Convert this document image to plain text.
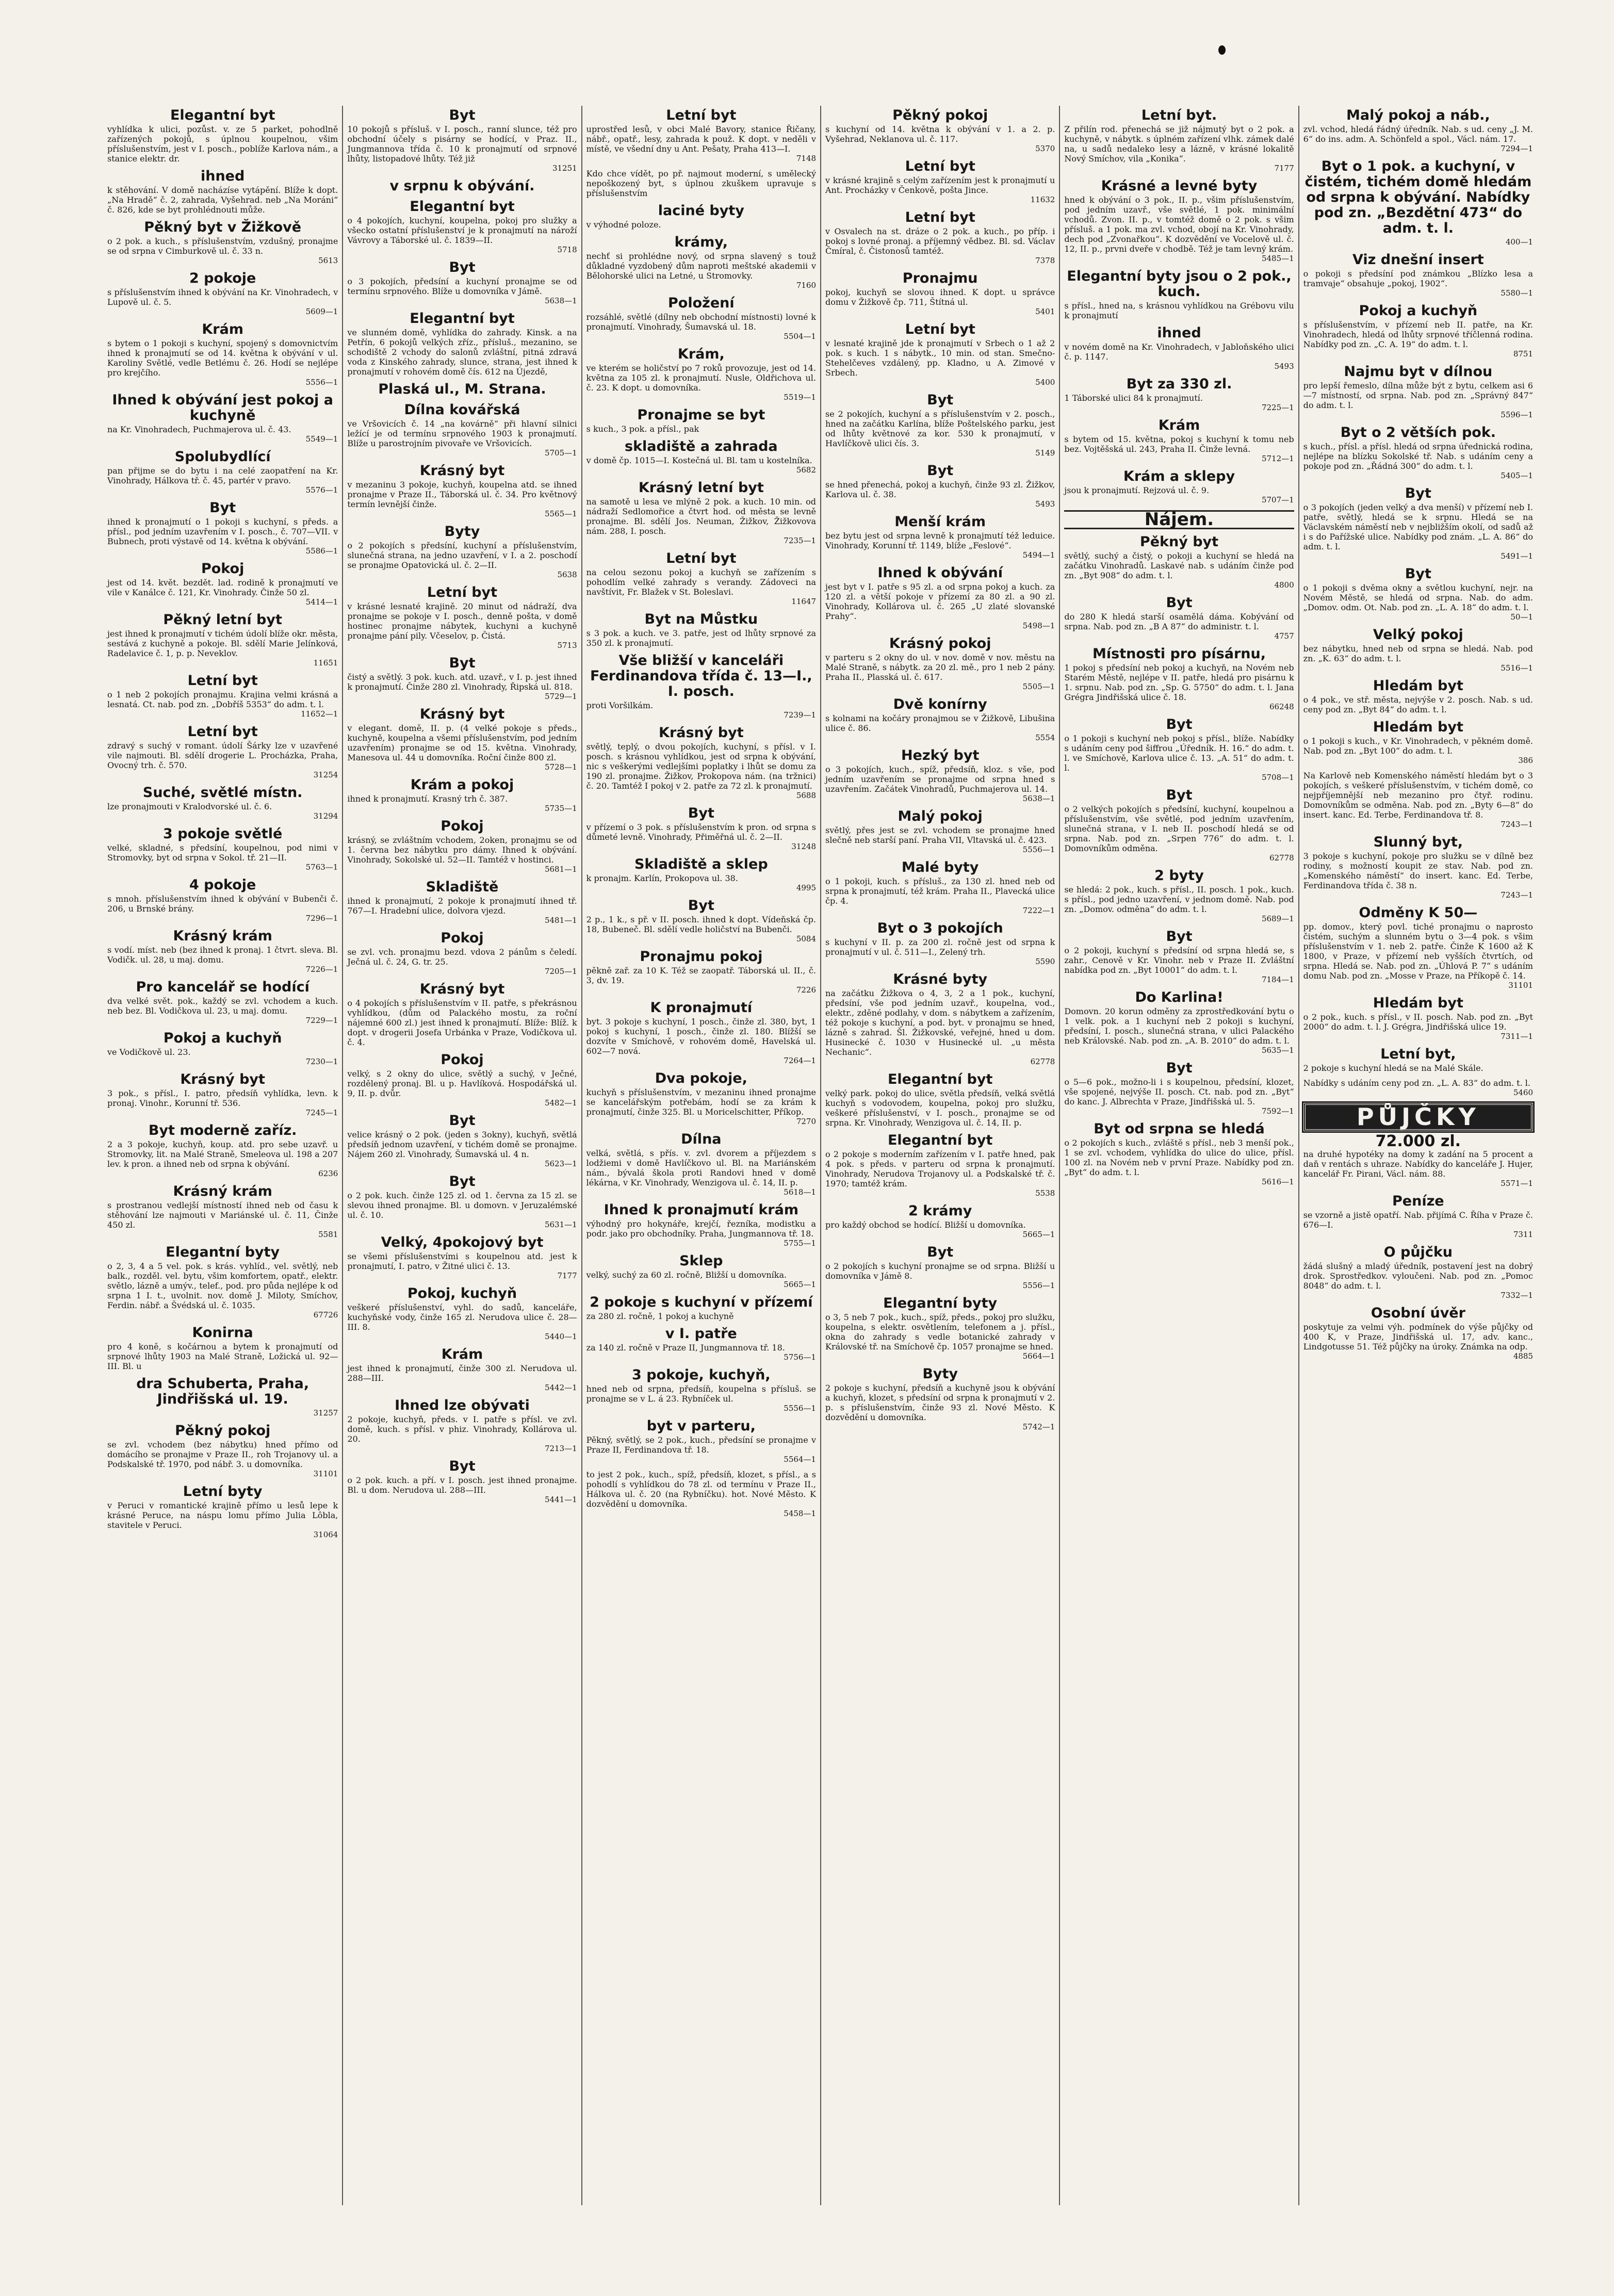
Elegantní byt

vyhlídka k ulici, pozůst. v. ze 5 parket, pohodlně zařízených pokojů, s úplnou koupelnou, všim příslušenstvím, jest v I. posch., poblíže Karlova nám., a stanice elektr. dr.

ihned

k stěhování. V domě nacházíse vytápění. Blíže k dopt. „Na Hradě“ č. 2, zahrada, Vyšehrad. neb „Na Moráni“ č. 826, kde se byt prohlédnouti může.

Pěkný byt v Žižkově

o 2 pok. a kuch., s příslušenstvím, vzdušný, pronajme se od srpna v Cimburkově ul. č. 33 n.

5613
2 pokoje

s příslušenstvím ihned k obývání na Kr. Vinohradech, v Lupově ul. č. 5.

5609—1
Krám

s bytem o 1 pokoji s kuchyní, spojený s domovnictvím ihned k pronajmutí se od 14. května k obývání v ul. Karoliny Světlé, vedle Betlému č. 26. Hodí se nejlépe pro krejčího.

5556—1
Ihned k obývání jest pokoj a kuchyně

na Kr. Vinohradech, Puchmajerova ul. č. 43.

5549—1
Spolubydlící

pan přijme se do bytu i na celé zaopatření na Kr. Vinohrady, Hálkova tř. č. 45, partér v pravo.

5576—1
Byt

ihned k pronajmutí o 1 pokoji s kuchyní, s předs. a přísl., pod jedním uzavřením v I. posch., č. 707—VII. v Bubnech, proti výstavě od 14. května k obývání.

5586—1
Pokoj

jest od 14. květ. bezdět. lad. rodině k pronajmutí ve vile v Kanálce č. 121, Kr. Vinohrady. Činže 50 zl.

5414—1
Pěkný letní byt

jest ihned k pronajmutí v tichém údolí blíže okr. města, sestává z kuchyně a pokoje. Bl. sdělí Marie Jelínková, Radelavice č. 1, p. p. Neveklov.

11651
Letní byt

o 1 neb 2 pokojích pronajmu. Krajina velmi krásná a lesnatá. Ct. nab. pod zn. „Dobříš 5353“ do adm. t. l.

11652—1
Letní byt

zdravý s suchý v romant. údolí Šárky lze v uzavřené vile najmouti. Bl. sdělí drogerie L. Procházka, Praha, Ovocný trh. č. 570.

31254
Suché, světlé místn.

lze pronajmouti v Kralodvorské ul. č. 6.

31294
3 pokoje světlé

velké, skladné, s předsíní, koupelnou, pod nimi v Stromovky, byt od srpna v Sokol. tř. 21—II.

5763—1
4 pokoje

s mnoh. příslušenstvím ihned k obývání v Bubenči č. 206, u Brnské brány.

7296—1
Krásný krám

s vodí. míst. neb (bez ihned k pronaj. 1 čtvrt. sleva. Bl. Vodičk. ul. 28, u maj. domu.

7226—1
Pro kancelář se hodící

dva velké svět. pok., každý se zvl. vchodem a kuch. neb bez. Bl. Vodičkova ul. 23, u maj. domu.

7229—1
Pokoj a kuchyň

ve Vodičkově ul. 23.

7230—1
Krásný byt

3 pok., s přísl., I. patro, předsíň vyhlídka, levn. k pronaj. Vinohr., Korunní tř. 536.

7245—1
Byt moderně zaříz.

2 a 3 pokoje, kuchyň, koup. atd. pro sebe uzavř. u Stromovky, lit. na Malé Straně, Smeleova ul. 198 a 207 lev. k pron. a ihned neb od srpna k obývání.

6236
Krásný krám

s prostranou vedlejší místností ihned neb od času k stěhování lze najmouti v Mariánské ul. č. 11, Činže 450 zl.

5581
Elegantní byty

o 2, 3, 4 a 5 vel. pok. s krás. vyhlíd., vel. světlý, neb balk., rozděl. vel. bytu, všim komfortem, opatř., elektr. světlo, lázně a umýv., telef., pod. pro půda nejlépe k od srpna 1 I. t., uvolnit. nov. domě J. Miloty, Smíchov, Ferdin. nábř. a Švédská ul. č. 1035.

67726
Konirna

pro 4 koně, s kočárnou a bytem k pronajmutí od srpnové lhůty 1903 na Malé Straně, Ložická ul. 92—III. Bl. u

dra Schuberta, Praha, Jindřišská ul. 19.
31257
Pěkný pokoj

se zvl. vchodem (bez nábytku) hned přímo od domácího se pronajme v Praze II., roh Trojanovy ul. a Podskalské tř. 1970, pod nábř. 3. u domovníka.

31101
Letní byty

v Peruci v romantické krajině přímo u lesů lepe k krásné Peruce, na náspu lomu přímo Julia Lôbla, stavitele v Peruci.

31064
Byt

10 pokojů s přísluš. v I. posch., ranní slunce, též pro obchodní účely s pisárny se hodící, v Praz. II., Jungmannova třída č. 10 k pronajmutí od srpnové lhůty, listopadové lhůty. Též již

31251
v srpnu k obývání.
Elegantní byt

o 4 pokojích, kuchyní, koupelna, pokoj pro služky a všecko ostatní příslušenství je k pronajmutí na nároží Vávrovy a Táborské ul. č. 1839—II.

5718
Byt

o 3 pokojích, předsíní a kuchyní pronajme se od termínu srpnového. Blíže u domovníka v Jámě.

5638—1
Elegantní byt

ve slunném domě, vyhlídka do zahrady. Kinsk. a na Petřín, 6 pokojů velkých zříz., přísluš., mezanino, se schodiště 2 vchody do salonů zvláštní, pitná zdravá voda z Kinského zahrady, slunce, strana, jest ihned k pronajmutí v rohovém domě čís. 612 na Újezdě,

Plaská ul., M. Strana.
Dílna kovářská

ve Vršovicích č. 14 „na kovárně“ při hlavní silnici ležící je od termínu srpnového 1903 k pronajmutí. Blíže u parostrojním pivovaře ve Vršovicích.

5705—1
Krásný byt

v mezaninu 3 pokoje, kuchyň, koupelna atd. se ihned pronajme v Praze II., Táborská ul. č. 34. Pro květnový termín levnější činže.

5565—1
Byty

o 2 pokojích s předsíní, kuchyní a příslušenstvím, slunečná strana, na jedno uzavření, v I. a 2. poschodí se pronajme Opatovická ul. č. 2—II.

5638
Letní byt

v krásné lesnaté krajině. 20 minut od nádraží, dva pronajme se pokoje v I. posch., denně pošta, v domě hostinec pronajme nábytek, kuchyni a kuchyně pronajme pání pily. Včeselov, p. Čistá.

5713
Byt

čistý a světlý. 3 pok. kuch. atd. uzavř., v I. p. jest ihned k pronajmutí. Činže 280 zl. Vinohrady, Řipská ul. 818.

5729—1
Krásný byt

v elegant. domě, II. p. (4 velké pokoje s předs., kuchyně, koupelna a všemi příslušenstvím, pod jedním uzavřením) pronajme se od 15. května. Vinohrady, Manesova ul. 44 u domovníka. Roční činže 800 zl.

5728—1
Krám a pokoj

ihned k pronajmutí. Krasný trh č. 387.

5735—1
Pokoj

krásný, se zvláštním vchodem, 2oken, pronajmu se od 1. června bez nábytku pro dámy. Ihned k obývání. Vinohrady, Sokolské ul. 52—II. Tamtéž v hostinci.

5681—1
Skladiště

ihned k pronajmutí, 2 pokoje k pronajmutí ihned tř. 767—I. Hradební ulice, dolvora vjezd.

5481—1
Pokoj

se zvl. vch. pronajmu bezd. vdova 2 pánům s čeledí. Ječná ul. č. 24, G. tr. 25.

7205—1
Krásný byt

o 4 pokojích s příslušenstvím v II. patře, s překrásnou vyhlídkou, (dům od Palackého mostu, za roční nájemné 600 zl.) jest ihned k pronajmutí. Blíže: Blíž. k dopt. v drogerii Josefa Urbánka v Praze, Vodičkova ul. č. 4.

Pokoj

velký, s 2 okny do ulice, světlý a suchý, v Ječné, rozdělený pronaj. Bl. u p. Havlíková. Hospodářská ul. 9, II. p. dvůr.

5482—1
Byt

velice krásný o 2 pok. (jeden s 3okny), kuchyň, světlá předsíň jednom uzavření, v tichém domě se pronajme. Nájem 260 zl. Vinohrady, Šumavská ul. 4 n.

5623—1
Byt

o 2 pok. kuch. činže 125 zl. od 1. června za 15 zl. se slevou ihned pronajme. Bl. u domovn. v Jeruzalémské ul. č. 10.

5631—1
Velký, 4pokojový byt

se všemi příslušenstvími s koupelnou atd. jest k pronajmutí, I. patro, v Žitné ulici č. 13.

7177
Pokoj, kuchyň

veškeré příslušenství, vyhl. do sadů, kanceláře, kuchyňské vody, činže 165 zl. Nerudova ulice č. 28—III. 8.

5440—1
Krám

jest ihned k pronajmutí, činže 300 zl. Nerudova ul. 288—III.

5442—1
Ihned lze obývati

2 pokoje, kuchyň, předs. v I. patře s přísl. ve zvl. domě, kuch. s přísl. v phiz. Vinohrady, Kollárova ul. 20.

7213—1
Byt

o 2 pok. kuch. a pří. v I. posch. jest ihned pronajme. Bl. u dom. Nerudova ul. 288—III.

5441—1
Letní byt

uprostřed lesů, v obci Malé Bavory, stanice Řičany, nábř., opatř., lesy, zahrada k použ. K dopt. v neděli v místě, ve všední dny u Ant. Pešaty, Praha 413—I.

7148

Kdo chce vídět, po př. najmout moderní, s umělecký nepoškozený byt, s úplnou zkuškem upravuje s příslušenstvím

laciné byty

v výhodné poloze.

krámy,

nechť si prohlédne nový, od srpna slavený s touž důkladné vyzdobený dům naproti meštské akademii v Bělohorské ulici na Letné, u Stromovky.

7160
Položení

rozsáhlé, světlé (dílny neb obchodní místnosti) lovné k pronajmutí. Vinohrady, Šumavská ul. 18.

5504—1
Krám,

ve kterém se holičství po 7 roků provozuje, jest od 14. května za 105 zl. k pronajmutí. Nusle, Oldřichova ul. č. 23. K dopt. u domovníka.

5519—1
Pronajme se byt

s kuch., 3 pok. a přísl., pak

skladiště a zahrada

v domě čp. 1015—I. Kostečná ul. Bl. tam u kostelníka.

5682
Krásný letní byt

na samotě u lesa ve mlýně 2 pok. a kuch. 10 min. od nádraží Sedlomořice a čtvrt hod. od města se levně pronajme. Bl. sdělí Jos. Neuman, Žižkov, Žižkovova nám. 288, I. posch.

7235—1
Letní byt

na celou sezonu pokoj a kuchyň se zařízením s pohodlím velké zahrady s verandy. Zádoveci na navštívit, Fr. Blažek v St. Boleslavi.

11647
Byt na Můstku

s 3 pok. a kuch. ve 3. patře, jest od lhůty srpnové za 350 zl. k pronajmutí.

Vše bližší v kanceláři Ferdinandova třída č. 13—I., I. posch.

proti Voršilkám.

7239—1
Krásný byt

světlý, teplý, o dvou pokojích, kuchyní, s přísl. v I. posch. s krásnou vyhlídkou, jest od srpna k obývání, nic s veškerými vedlejšími poplatky i lhůt se domu za 190 zl. pronajme. Žižkov, Prokopova nám. (na tržnici) č. 20. Tamtéž I pokoj v 2. patře za 72 zl. k pronajmutí.

5688
Byt

v přízemí o 3 pok. s příslušenstvím k pron. od srpna s důmeté levně. Vinohrady, Přiměřná ul. č. 2—II.

31248
Skladiště a sklep

k pronajm. Karlín, Prokopova ul. 38.

4995
Byt

2 p., 1 k., s př. v II. posch. ihned k dopt. Vídeňská čp. 18, Bubeneč. Bl. sdělí vedle holičství na Bubenči.

5084
Pronajmu pokoj

pěkně zař. za 10 K. Též se zaopatř. Táborská ul. II., č. 3, dv. 19.

7226
K pronajmutí

byt. 3 pokoje s kuchyní, 1 posch., činže zl. 380, byt, 1 pokoj s kuchyní, 1 posch., činže zl. 180. Blížší se dozvíte v Smíchově, v rohovém domě, Havelská ul. 602—7 nová.

7264—1
Dva pokoje,

kuchyň s příslušenstvím, v mezaninu ihned pronajme se kancelářským potřebám, hodí se za krám k pronajmutí, činže 325. Bl. u Moricelschitter, Příkop.

7270
Dílna

velká, světlá, s přís. v. zvl. dvorem a příjezdem s lodžiemi v domě Havlíčkovo ul. Bl. na Mariánském nám., bývalá škola proti Randovi hned v domě lékárna, v Kr. Vinohrady, Wenzigova ul. č. 14, II. p.

5618—1
Ihned k pronajmutí krám

výhodný pro hokynáře, krejčí, řezníka, modistku a podr. jako pro obchodníky. Praha, Jungmannova tř. 18.

5755—1
Sklep

velký, suchý za 60 zl. ročně, Bližší u domovníka.

5665—1
2 pokoje s kuchyní v přízemí

za 280 zl. ročně, 1 pokoj a kuchyně

v I. patře

za 140 zl. ročně v Praze II, Jungmannova tř. 18.

5756—1
3 pokoje, kuchyň,

hned neb od srpna, předsíň, koupelna s přísluš. se pronajme se v L. á 23. Rybníček ul.

5556—1
byt v parteru,

Pěkný, světlý, se 2 pok., kuch., předsíní se pronajme v Praze II, Ferdinandova tř. 18.

5564—1

to jest 2 pok., kuch., spíž, předsíň, klozet, s přísl., a s pohodlí s vyhlídkou do 78 zl. od termínu v Praze II., Hálkova ul. č. 20 (na Rybníčku). hot. Nové Město. K dozvědění u domovníka.

5458—1
Pěkný pokoj

s kuchyní od 14. května k obývání v 1. a 2. p. Vyšehrad, Neklanova ul. č. 117.

5370
Letní byt

v krásné krajině s celým zařízením jest k pronajmutí u Ant. Procházky v Čenkově, pošta Jince.

11632
Letní byt

v Osvalech na st. dráze o 2 pok. a kuch., po příp. i pokoj s lovné pronaj. a příjemný vědbez. Bl. sd. Václav Čmíral, č. Čistonosů tamtéž.

7378
Pronajmu

pokoj, kuchyň se slovou ihned. K dopt. u správce domu v Žižkově čp. 711, Štítná ul.

5401
Letní byt

v lesnaté krajině jde k pronajmutí v Srbech o 1 až 2 pok. s kuch. 1 s nábytk., 10 min. od stan. Smečno-Stehelčeves vzdálený, pp. Kladno, u A. Zimové v Srbech.

5400
Byt

se 2 pokojích, kuchyní a s příslušenstvím v 2. posch., hned na začátku Karlína, blíže Poštelského parku, jest od lhůty květnové za kor. 530 k pronajmutí, v Havlíčkově ulici čís. 3.

5149
Byt

se hned přenechá, pokoj a kuchyň, činže 93 zl. Žižkov, Karlova ul. č. 38.

5493
Menší krám

bez bytu jest od srpna levně k pronajmutí též leduice. Vinohrady, Korunní tř. 1149, blíže „Feslové“.

5494—1
Ihned k obývání

jest byt v I. patře s 95 zl. a od srpna pokoj a kuch. za 120 zl. a větší pokoje v přízemí za 80 zl. a 90 zl. Vinohrady, Kollárova ul. č. 265 „U zlaté slovanské Prahy“.

5498—1
Krásný pokoj

v parteru s 2 okny do ul. v nov. domě v nov. městu na Malé Straně, s nábytk. za 20 zl. mě., pro 1 neb 2 pány. Praha II., Plasská ul. č. 617.

5505—1
Dvě konírny

s kolnami na kočáry pronajmou se v Žižkově, Libušina ulice č. 86.

5554
Hezký byt

o 3 pokojích, kuch., spíž, předsíň, kloz. s vše, pod jedním uzavřením se pronajme od srpna hned s uzavřením. Začátek Vinohradů, Puchmajerova ul. 14.

5638—1
Malý pokoj

světlý, přes jest se zvl. vchodem se pronajme hned slečně neb starší paní. Praha VII, Vltavská ul. č. 423.

5556—1
Malé byty

o 1 pokoji, kuch. s přísluš., za 130 zl. hned neb od srpna k pronajmutí, též krám. Praha II., Plavecká ulice čp. 4.

7222—1
Byt o 3 pokojích

s kuchyní v II. p. za 200 zl. ročně jest od srpna k pronajmutí v ul. č. 511—I., Zelený trh.

5590
Krásné byty

na začátku Žižkova o 4, 3, 2 a 1 pok., kuchyní, předsíní, vše pod jedním uzavř., koupelna, vod., elektr., zděné podlahy, v dom. s nábytkem a zařízením, též pokoje s kuchyní, a pod. byt. v pronajmu se hned, lázně s zahrad. Šl. Žižkovské, veřejné, hned u dom. Husinecké č. 1030 v Husinecké ul. „u města Nechanic“.

62778
Elegantní byt

velký park. pokoj do ulice, světla předsíň, velká světlá kuchyň s vodovodem, koupelna, pokoj pro služku, veškeré příslušenství, v I. posch., pronajme se od srpna. Kr. Vinohrady, Wenzigova ul. č. 14, II. p.

Elegantní byt

o 2 pokoje s moderním zařízením v I. patře hned, pak 4 pok. s předs. v parteru od srpna k pronajmutí. Vinohrady, Nerudova Trojanovy ul. a Podskalské tř. č. 1970; tamtéž krám.

5538
2 krámy

pro každý obchod se hodící. Bližší u domovníka.

5665—1
Byt

o 2 pokojích s kuchyní pronajme se od srpna. Bližší u domovníka v Jámě 8.

5556—1
Elegantní byty

o 3, 5 neb 7 pok., kuch., spíž, předs., pokoj pro služku, koupelna, s elektr. osvětlením, telefonem a j. přísl., okna do zahrady s vedle botanické zahrady v Královské tř. na Smíchově čp. 1057 pronajme se hned.

5664—1
Byty

2 pokoje s kuchyní, předsíň a kuchyně jsou k obývání a kuchyň, klozet, s předsíní od srpna k pronajmutí v 2. p. s příslušenstvím, činže 93 zl. Nové Město. K dozvědění u domovníka.

5742—1
Letní byt.

Z přilín rod. přenechá se již nájmutý byt o 2 pok. a kuchyně, v nábytk. s úplném zařízení vlhk. zámek dalé na, u sadů nedaleko lesy a lázně, v krásné lokalitě Nový Smíchov, vila „Konika“.

7177
Krásné a levné byty

hned k obývání o 3 pok., II. p., všim příslušenstvím, pod jedním uzavř., vše světlé, 1 pok. minimální vchodů. Zvon. II. p., v tomtéž domě o 2 pok. s všim přísluš. a 1 pok. ma zvl. vchod, obojí na Kr. Vinohrady, dech pod „Zvonařkou“. K dozvědění ve Vocelově ul. č. 12, II. p., prvni dveře v chodbě. Též je tam levný krám.

5485—1
Elegantní byty jsou o 2 pok., kuch.

s přísl., hned na, s krásnou vyhlídkou na Grébovu vilu k pronajmutí

ihned

v novém domě na Kr. Vinohradech, v Jabloňského ulici č. p. 1147.

5493
Byt za 330 zl.

1 Táborské ulici 84 k pronajmutí.

7225—1
Krám

s bytem od 15. května, pokoj s kuchyní k tomu neb bez. Vojtěšská ul. 243, Praha II. Činže levná.

5712—1
Krám a sklepy

jsou k pronajmutí. Rejzová ul. č. 9.

5707—1
Nájem.
Pěkný byt

světlý, suchý a čistý, o pokoji a kuchyní se hledá na začátku Vinohradů. Laskavé nab. s udáním činže pod zn. „Byt 908“ do adm. t. l.

4800
Byt

do 280 K hledá starší osamělá dáma. Kobývání od srpna. Nab. pod zn. „B A 87“ do administr. t. l.

4757
Místnosti pro písárnu,

1 pokoj s předsíní neb pokoj a kuchyň, na Novém neb Starém Městě, nejlépe v II. patře, hledá pro pisárnu k 1. srpnu. Nab. pod zn. „Sp. G. 5750“ do adm. t. l. Jana Grégra Jindřišská ulice č. 18.

66248
Byt

o 1 pokoji s kuchyní neb pokoj s přísl., blíže. Nabídky s udáním ceny pod šiffrou „Úředník. H. 16.“ do adm. t. l. ve Smíchově, Karlova ulice č. 13. „A. 51“ do adm. t. l.

5708—1
Byt

o 2 velkých pokojích s předsíní, kuchyní, koupelnou a příslušenstvím, vše světlé, pod jedním uzavřením, slunečná strana, v I. neb II. poschodí hledá se od srpna. Nab. pod zn. „Srpen 776“ do adm. t. l. Domovníkům odměna.

62778
2 byty

se hledá: 2 pok., kuch. s přísl., II. posch. 1 pok., kuch. s přísl., pod jedno uzavření, v jednom domě. Nab. pod zn. „Domov. odměna“ do adm. t. l.

5689—1
Byt

o 2 pokoji, kuchyní s předsíní od srpna hledá se, s zahr., Cenově v Kr. Vinohr. neb v Praze II. Zvláštní nabídka pod zn. „Byt 10001“ do adm. t. l.

7184—1
Do Karlina!

Domovn. 20 korun odměny za zprostředkování bytu o 1 velk. pok. a 1 kuchyní neb 2 pokoji s kuchyní, předsíní, I. posch., slunečná strana, v ulici Palackého neb Královské. Nab. pod zn. „A. B. 2010“ do adm. t. l.

5635—1
Byt

o 5—6 pok., možno-li i s koupelnou, předsíní, klozet, vše spojené, nejvýše II. posch. Ct. nab. pod zn. „Byt“ do kanc. J. Albrechta v Praze, Jindřišská ul. 5.

7592—1
Byt od srpna se hledá

o 2 pokojích s kuch., zvláště s přísl., neb 3 menší pok., 1 se zvl. vchodem, vyhlídka do ulice do ulice, přísl. 100 zl. na Novém neb v první Praze. Nabídky pod zn. „Byt“ do adm. t. l.

5616—1
Malý pokoj a náb.,

zvl. vchod, hledá řádný úředník. Nab. s ud. ceny „J. M. 6“ do ins. adm. A. Schönfeld a spol., Václ. nám. 17.

7294—1
Byt o 1 pok. a kuchyní, v čistém, tichém domě hledám od srpna k obývání. Nabídky pod zn. „Bezdětní 473“ do adm. t. l.
400—1
Viz dnešní insert

o pokoji s předsíní pod známkou „Blízko lesa a tramvaje“ obsahuje „pokoj, 1902“.

5580—1
Pokoj a kuchyň

s příslušenstvím, v přízemí neb II. patře, na Kr. Vinohradech, hledá od lhůty srpnové tříčlenná rodina. Nabídky pod zn. „C. A. 19“ do adm. t. l.

8751
Najmu byt v dílnou

pro lepší řemeslo, dílna může být z bytu, celkem asi 6—7 místností, od srpna. Nab. pod zn. „Správný 847“ do adm. t. l.

5596—1
Byt o 2 větších pok.

s kuch., přísl. a přísl. hledá od srpna úřednická rodina, nejlépe na blízku Sokolské tř. Nab. s udáním ceny a pokoje pod zn. „Řádná 300“ do adm. t. l.

5405—1
Byt

o 3 pokojích (jeden velký a dva menší) v přízemí neb I. patře, světlý, hledá se k srpnu. Hledá se na Václavském náměstí neb v nejbližším okolí, od sadů až i s do Pařížské ulice. Nabídky pod znám. „L. A. 86“ do adm. t. l.

5491—1
Byt

o 1 pokoji s dvěma okny a světlou kuchyní, nejr. na Novém Městě, se hledá od srpna. Nab. do adm. „Domov. odm. Ot. Nab. pod zn. „L. A. 18“ do adm. t. l.

50—1
Velký pokoj

bez nábytku, hned neb od srpna se hledá. Nab. pod zn. „K. 63“ do adm. t. l.

5516—1
Hledám byt

o 4 pok., ve stř. města, nejvýše v 2. posch. Nab. s ud. ceny pod zn. „Byt 84“ do adm. t. l.

Hledám byt

o 1 pokoji s kuch., v Kr. Vinohradech, v pěkném domě. Nab. pod zn. „Byt 100“ do adm. t. l.

386

Na Karlově neb Komenského náměstí hledám byt o 3 pokojích, s veškeré příslušenstvím, v tichém domě, co nejpříjemnější neb mezanino pro čtyř. rodinu. Domovníkům se odměna. Nab. pod zn. „Byty 6—8“ do insert. kanc. Ed. Terbe, Ferdinandova tř. 8.

7243—1
Slunný byt,

3 pokoje s kuchyní, pokoje pro služku se v dílně bez rodiny, s možností koupit ze stav. Nab. pod zn. „Komenského náměstí“ do insert. kanc. Ed. Terbe, Ferdinandova třída č. 38 n.

7243—1
Odměny K 50—

pp. domov., který povl. tiché pronajmu o naprosto čistém, suchým a slunném bytu o 3—4 pok. s všim příslušenstvím v 1. neb 2. patře. Činže K 1600 až K 1800, v Praze, v přízemí neb vyšších čtvrtích, od srpna. Hledá se. Nab. pod zn. „Úhlová P. 7“ s udáním domu Nab. pod zn. „Mosse v Praze, na Příkopě č. 14.

31101
Hledám byt

o 2 pok., kuch. s přísl., v II. posch. Nab. pod zn. „Byt 2000“ do adm. t. l. J. Grégra, Jindřišská ulice 19.

7311—1
Letní byt,

2 pokoje s kuchyní hledá se na Malé Skále.

Nabídky s udáním ceny pod zn. „L. A. 83“ do adm. t. l.

5460
PŮJČKY
72.000 zl.

na druhé hypotéky na domy k zadání na 5 procent a daň v rentách s uhraze. Nabídky do kanceláře J. Hujer, kancelář Fr. Pirani, Václ. nám. 88.

5571—1
Peníze

se vzorně a jistě opatří. Nab. přijímá C. Říha v Praze č. 676—I.

7311
O půjčku

žádá slušný a mladý úředník, postavení jest na dobrý drok. Sprostředkov. vyloučeni. Nab. pod zn. „Pomoc 8048“ do adm. t. l.

7332—1
Osobní úvěr

poskytuje za velmi výh. podmínek do výše půjčky od 400 K, v Praze, Jindřišská ul. 17, adv. kanc., Lindgotusse 51. Též půjčky na úroky. Známka na odp.

4885
